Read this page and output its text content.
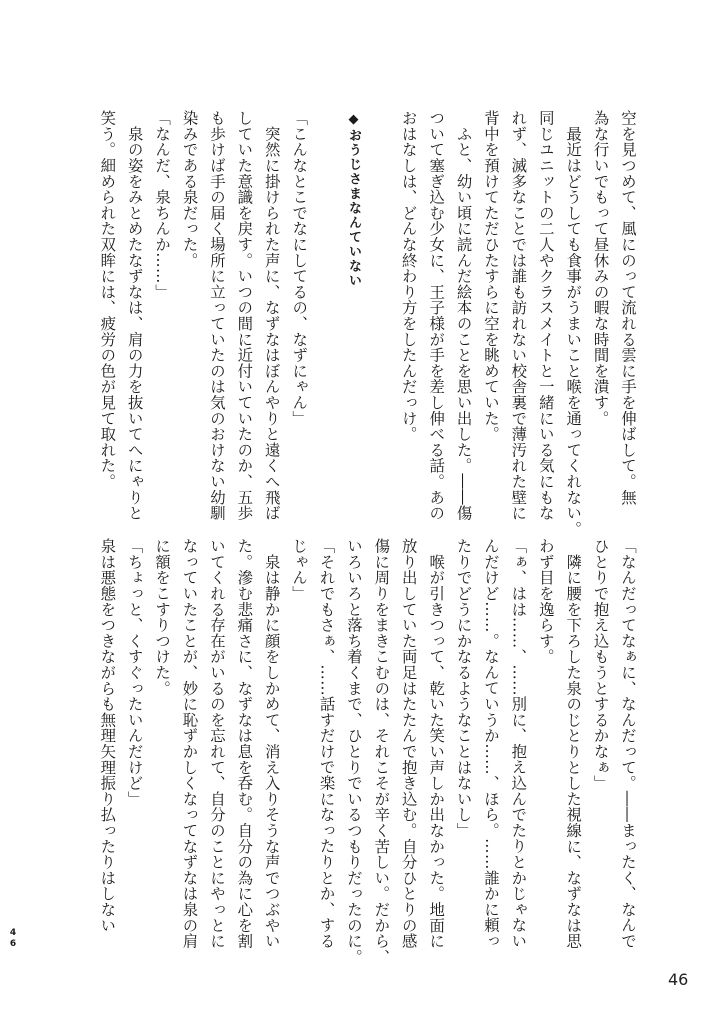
空を見つめて、風にのって流れる雲に手を伸ばして。無
為な行いでもって昼休みの暇な時間を潰す。
　最近はどうしても食事がうまいこと喉を通ってくれない。
同じユニットの二人やクラスメイトと一緒にいる気にもな
れず、滅多なことでは誰も訪れない校舎裏で薄汚れた壁に
背中を預けてただひたすらに空を眺めていた。
　ふと、幼い頃に読んだ絵本のことを思い出した。――傷
ついて塞ぎ込む少女に、王子様が手を差し伸べる話。あの
おはなしは、どんな終わり方をしたんだっけ。
◆おうじさまなんていない
「こんなとこでなにしてるの、なずにゃん」
　突然に掛けられた声に、なずなはぼんやりと遠くへ飛ば
していた意識を戻す。いつの間に近付いていたのか、五歩
も歩けば手の届く場所に立っていたのは気のおけない幼馴
染みである泉だった。
「なんだ、泉ちんか……」
　泉の姿をみとめたなずなは、肩の力を抜いてへにゃりと
笑う。細められた双眸には、疲労の色が見て取れた。
「なんだってなぁに、なんだって。――まったく、なんで
ひとりで抱え込もうとするかなぁ」
　隣に腰を下ろした泉のじとりとした視線に、なずなは思
わず目を逸らす。
「ぁ、はは……、……別に、抱え込んでたりとかじゃない
んだけど……。なんていうか……、ほら。……誰かに頼っ
たりでどうにかなるようなことはないし」
　喉が引きつって、乾いた笑い声しか出なかった。地面に
放り出していた両足はたたんで抱き込む。自分ひとりの感
傷に周りをまきこむのは、それこそが辛く苦しい。だから、
いろいろと落ち着くまで、ひとりでいるつもりだったのに。
「それでもさぁ、……話すだけで楽になったりとか、する
じゃん」
　泉は静かに顔をしかめて、消え入りそうな声でつぶやい
た。滲む悲痛さに、なずなは息を呑む。自分の為に心を割
いてくれる存在がいるのを忘れて、自分のことにやっとに
なっていたことが、妙に恥ずかしくなってなずなは泉の肩
に額をこすりつけた。
「ちょっと、くすぐったいんだけど」
泉は悪態をつきながらも無理矢理振り払ったりはしない
4
6
46
